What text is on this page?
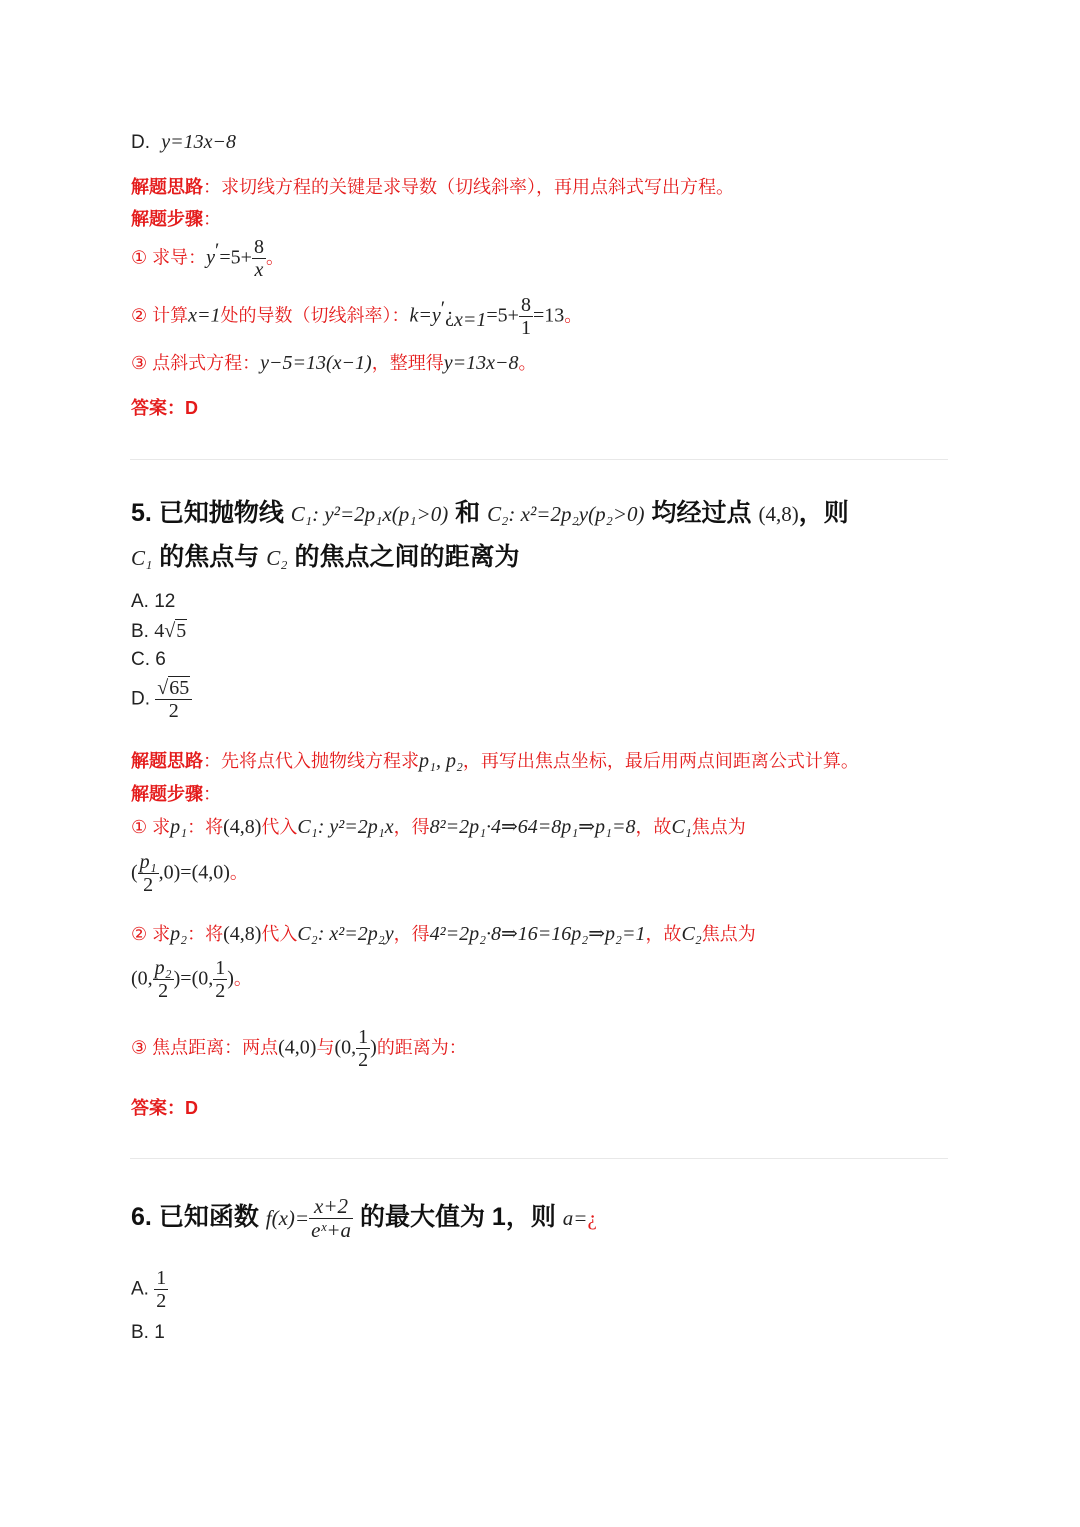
D. y=13x−8
解题思路：求切线方程的关键是求导数（切线斜率），再用点斜式写出方程。
解题步骤：
① 求导：$y'=5+ \frac{8}{x}$ 。
② 计算x=1处的导数（切线斜率）：$k=y'¿_{x=1}=5+ \frac{8}{1} =13$。
③ 点斜式方程：y−5=13(x−1)，整理得y=13x−8。
答案：D
5. 已知抛物线 C₁: y²=2p₁x(p₁>0) 和 C₂: x²=2p₂y(p₂>0) 均经过点 (4,8)，则
C₁ 的焦点与 C₂ 的焦点之间的距离为
A. 12
B. 4√5
C. 6
D. $\frac{√65}{2}$
解题思路：先将点代入抛物线方程求p₁, p₂，再写出焦点坐标，最后用两点间距离公式计算。
解题步骤：
① 求p₁：将(4,8)代入C₁: y²=2p₁x，得8²=2p₁·4⇒64=8p₁⇒p₁=8，故C₁焦点为
( $\frac{\text{p₁}}{2} ,0)=(4,0)$。
② 求p₂：将(4,8)代入C₂: x²=2p₂y，得4²=2p₂·8⇒16=16p₂⇒p₂=1，故C₂焦点为
(0, $\frac{\text{p₂}}{2} )=(0$, $\frac{1}{2}$ )。
③ 焦点距离：两点(4,0)与(0, $\frac{1}{2}$ )的距离为：
答案：D
6. 已知函数 $f(x)= \frac{x+2}{\text{eˣ+a}}$ 的最大值为 1，则 a=¿
A. $\frac{1}{2}$
B. 1
